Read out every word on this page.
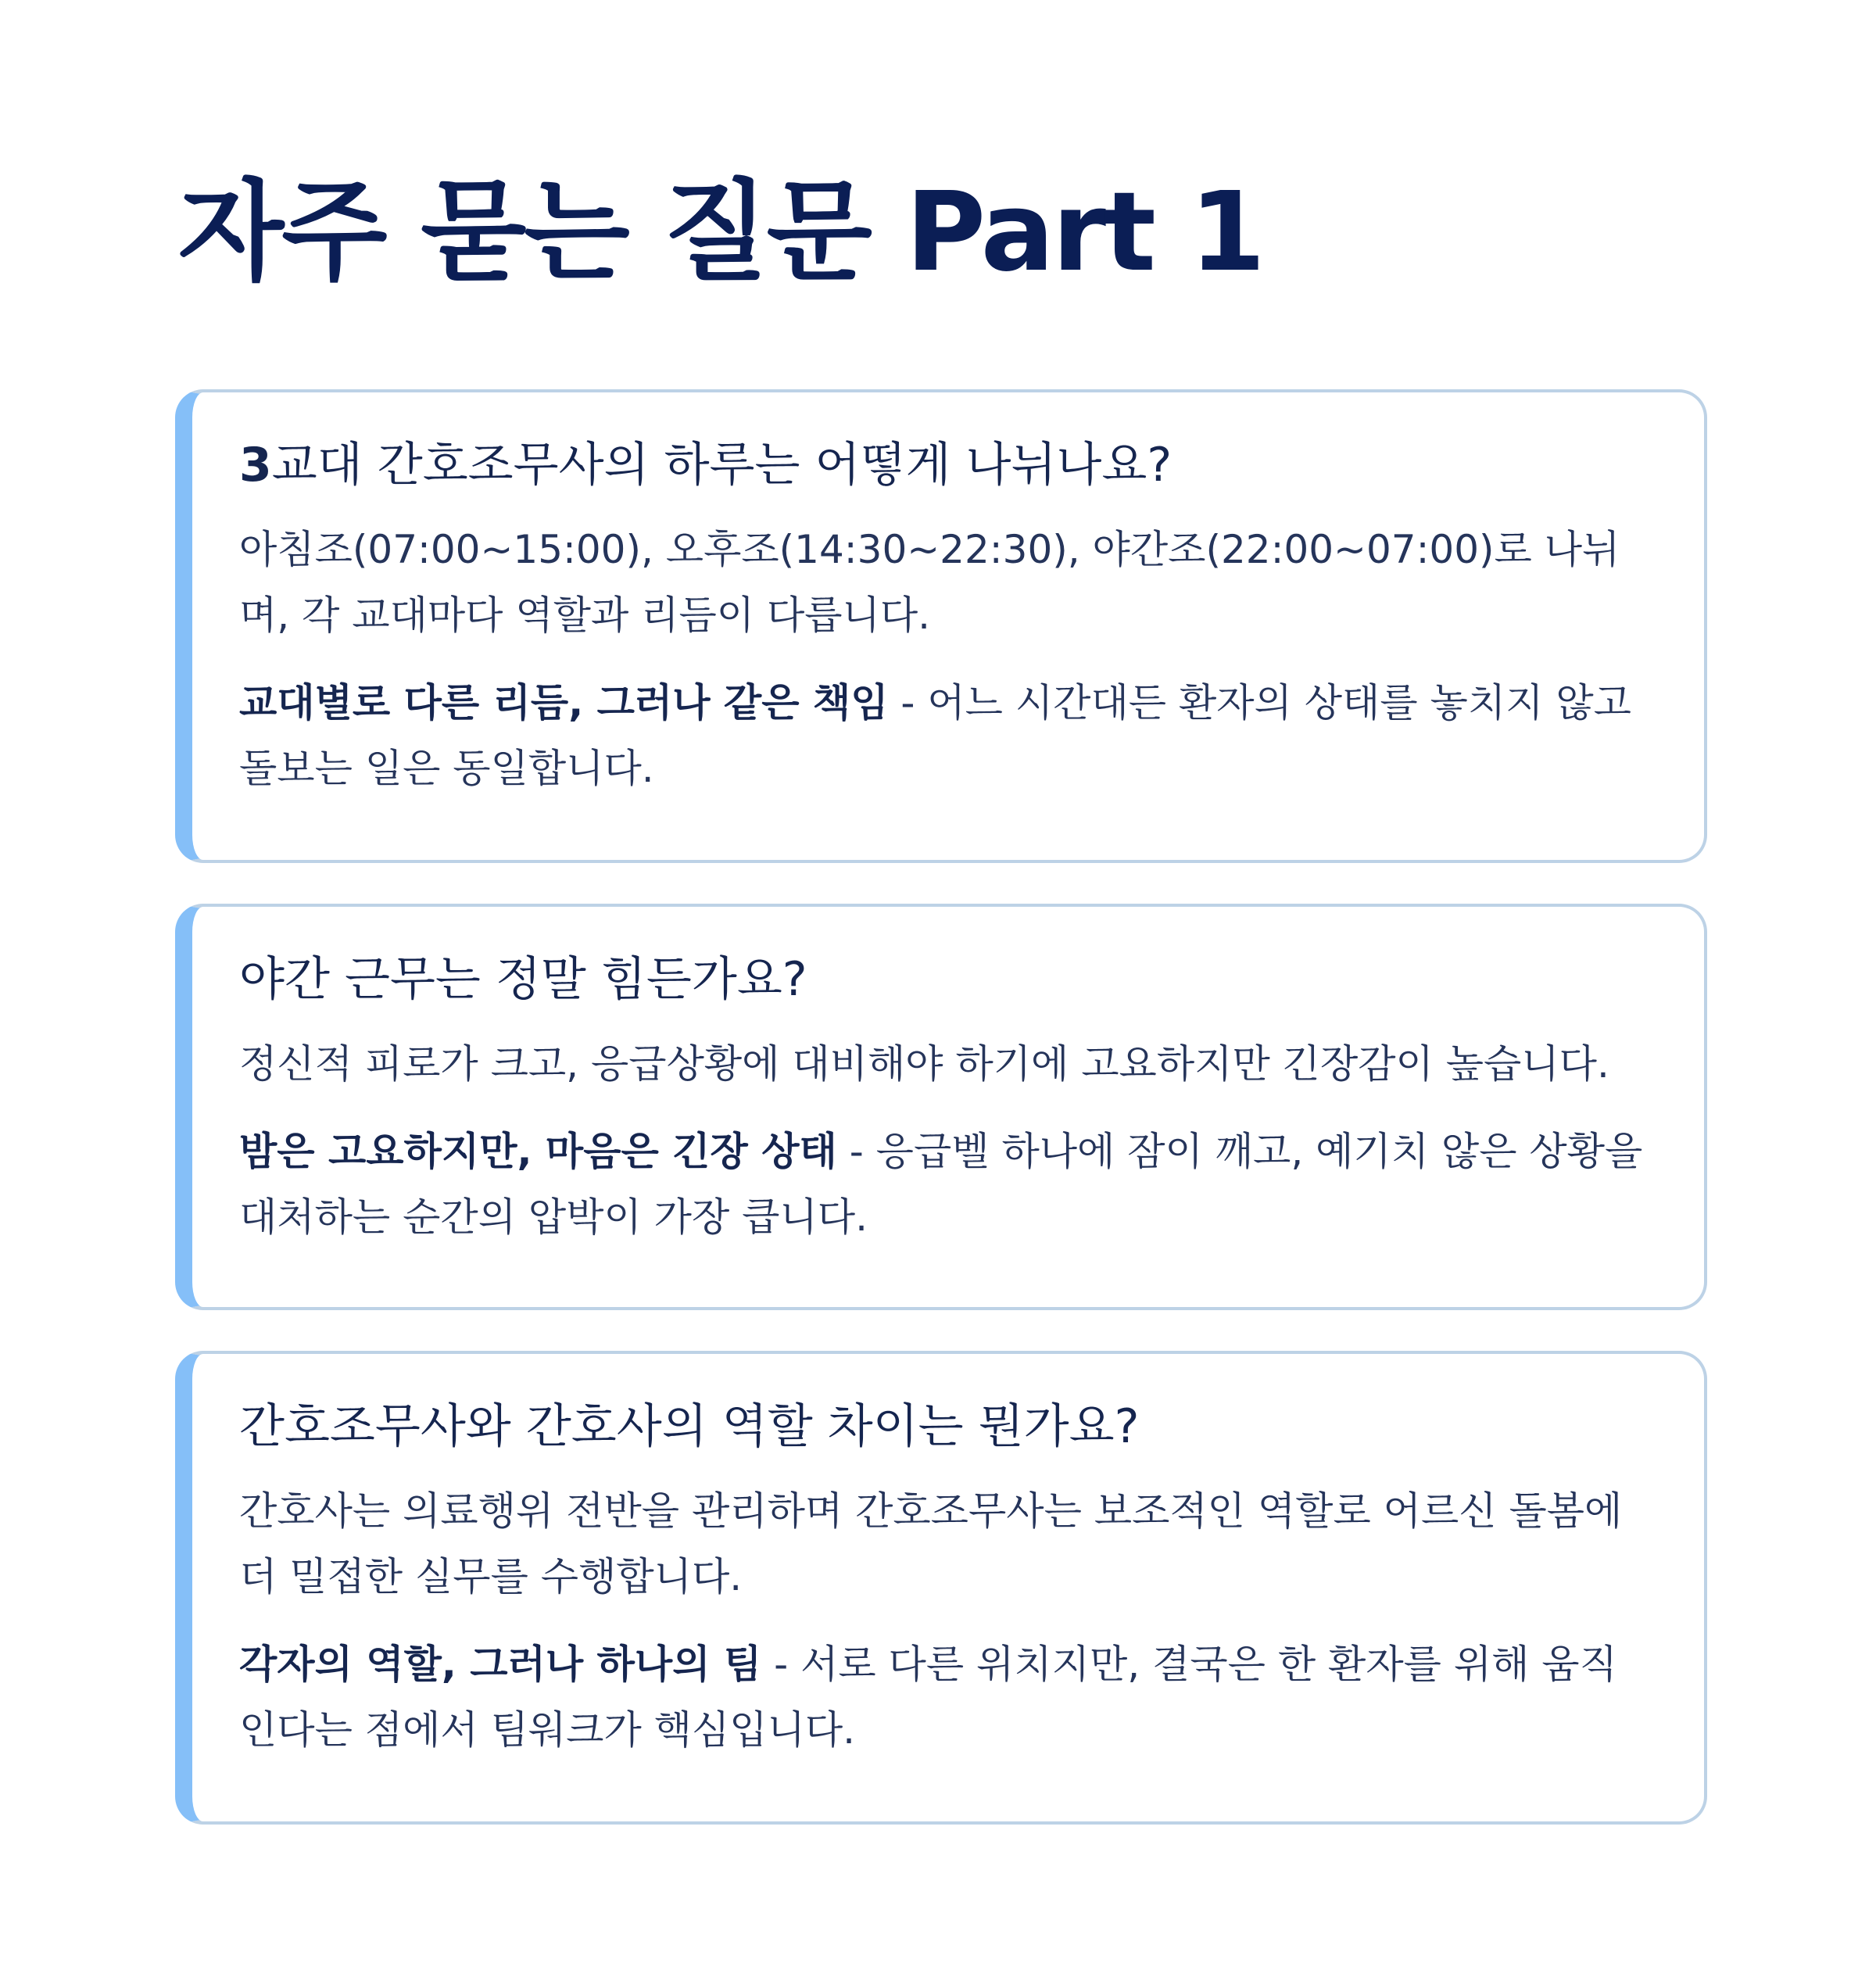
자주 묻는 질문 Part 1
3교대 간호조무사의 하루는 어떻게 나뉘나요?

아침조(07:00~15:00), 오후조(14:30~22:30), 야간조(22:00~07:00)로 나뉘며, 각 교대마다 역할과 리듬이 다릅니다.

교대별로 다른 리듬, 그러나 같은 책임 - 어느 시간대든 환자의 상태를 놓치지 않고 돌보는 일은 동일합니다.

야간 근무는 정말 힘든가요?

정신적 피로가 크고, 응급상황에 대비해야 하기에 고요하지만 긴장감이 높습니다.

밤은 고요하지만, 마음은 긴장 상태 - 응급벨 하나에 잠이 깨고, 예기치 않은 상황을 대처하는 순간의 압박이 가장 큽니다.

간호조무사와 간호사의 역할 차이는 뭔가요?

간호사는 의료행위 전반을 관리하며 간호조무사는 보조적인 역할로 어르신 돌봄에 더 밀접한 실무를 수행합니다.

각자의 역할, 그러나 하나의 팀 - 서로 다른 위치지만, 결국은 한 환자를 위해 움직인다는 점에서 팀워크가 핵심입니다.
